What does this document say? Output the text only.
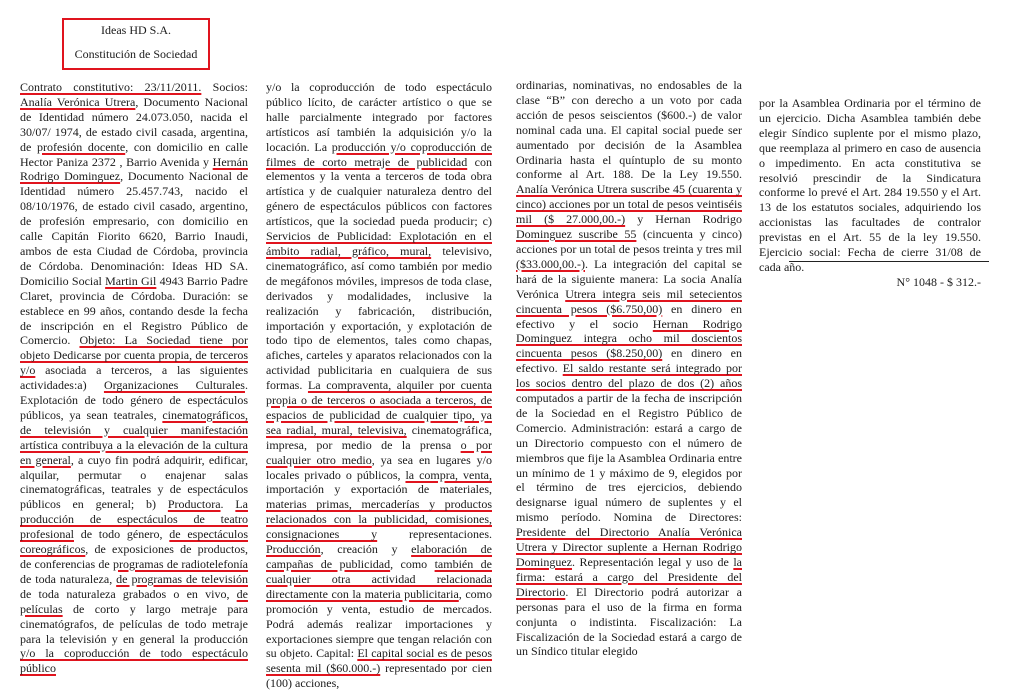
Ideas HD S.A.
Constitución de Sociedad

Contrato constitutivo: 23/11/2011. Socios: Analía Verónica Utrera, Documento Nacional de Identidad número 24.073.050, nacida el 30/07/ 1974, de estado civil casada, argentina, de profesión docente, con domicilio en calle Hector Paniza 2372 , Barrio Avenida y Hernán Rodrigo Dominguez, Documento Nacional de Identidad número 25.457.743, nacido el 08/10/1976, de estado civil casado, argentino, de profesión empresario, con domicilio en calle Capitán Fiorito 6620, Barrio Inaudi, ambos de esta Ciudad de Córdoba, provincia de Córdoba. Denominación: Ideas HD SA. Domicilio Social Martin Gil 4943 Barrio Padre Claret, provincia de Córdoba. Duración: se establece en 99 años, contando desde la fecha de inscripción en el Registro Público de Comercio. Objeto: La Sociedad tiene por objeto Dedicarse por cuenta propia, de terceros y/o asociada a terceros, a las siguientes actividades:a) Organizaciones Culturales. Explotación de todo género de espectáculos públicos, ya sean teatrales, cinematográficos, de televisión y cualquier manifestación artística contribuya a la elevación de la cultura en general, a cuyo fin podrá adquirir, edificar, alquilar, permutar o enajenar salas cinematográficas, teatrales y de espectáculos públicos en general; b) Productora. La producción de espectáculos de teatro profesional de todo género, de espectáculos coreográficos, de exposiciones de productos, de conferencias de programas de radiotelefonía de toda naturaleza, de programas de televisión de toda naturaleza grabados o en vivo, de películas de corto y largo metraje para cinematógrafos, de películas de todo metraje para la televisión y en general la producción y/o la coproducción de todo espectáculo público

y/o la coproducción de todo espectáculo público lícito, de carácter artístico o que se halle parcialmente integrado por factores artísticos así también la adquisición y/o la locación. La producción y/o coproducción de filmes de corto metraje de publicidad con elementos y la venta a terceros de toda obra artística y de cualquier naturaleza dentro del género de espectáculos públicos con factores artísticos, que la sociedad pueda producir; c) Servicios de Publicidad: Explotación en el ámbito radial, gráfico, mural, televisivo, cinematográfico, así como también por medio de megáfonos móviles, impresos de toda clase, derivados y modalidades, inclusive la realización y fabricación, distribución, importación y exportación, y explotación de todo tipo de elementos, tales como chapas, afiches, carteles y aparatos relacionados con la actividad publicitaria en cualquiera de sus formas. La compraventa, alquiler por cuenta propia o de terceros o asociada a terceros, de espacios de publicidad de cualquier tipo, ya sea radial, mural, televisiva, cinematográfica, impresa, por medio de la prensa o por cualquier otro medio, ya sea en lugares y/o locales privado o públicos, la compra, venta, importación y exportación de materiales, materias primas, mercaderías y productos relacionados con la publicidad, comisiones, consignaciones y representaciones. Producción, creación y elaboración de campañas de publicidad, como también de cualquier otra actividad relacionada directamente con la materia publicitaria, como promoción y venta, estudio de mercados. Podrá además realizar importaciones y exportaciones siempre que tengan relación con su objeto. Capital: El capital social es de pesos sesenta mil ($60.000.-) representado por cien (100) acciones,

ordinarias, nominativas, no endosables de la clase “B” con derecho a un voto por cada acción de pesos seiscientos ($600.-) de valor nominal cada una. El capital social puede ser aumentado por decisión de la Asamblea Ordinaria hasta el quíntuplo de su monto conforme al Art. 188. De la Ley 19.550. Analía Verónica Utrera suscribe 45 (cuarenta y cinco) acciones por un total de pesos veintiséis mil ($ 27.000,00.-) y Hernan Rodrigo Dominguez suscribe 55 (cincuenta y cinco) acciones por un total de pesos treinta y tres mil ($33.000,00.-). La integración del capital se hará de la siguiente manera: La socia Analía Verónica Utrera integra seis mil setecientos cincuenta pesos ($6.750,00) en dinero en efectivo y el socio Hernan Rodrigo Dominguez integra ocho mil doscientos cincuenta pesos ($8.250,00) en dinero en efectivo. El saldo restante será integrado por los socios dentro del plazo de dos (2) años computados a partir de la fecha de inscripción de la Sociedad en el Registro Público de Comercio. Administración: estará a cargo de un Directorio compuesto con el número de miembros que fije la Asamblea Ordinaria entre un mínimo de 1 y máximo de 9, elegidos por el término de tres ejercicios, debiendo designarse igual número de suplentes y el mismo período. Nomina de Directores: Presidente del Directorio Analía Verónica Utrera y Director suplente a Hernan Rodrigo Dominguez. Representación legal y uso de la firma: estará a cargo del Presidente del Directorio. El Directorio podrá autorizar a personas para el uso de la firma en forma conjunta o indistinta. Fiscalización: La Fiscalización de la Sociedad estará a cargo de un Síndico titular elegido

por la Asamblea Ordinaria por el término de un ejercicio. Dicha Asamblea también debe elegir Síndico suplente por el mismo plazo, que reemplaza al primero en caso de ausencia o impedimento. En acta constitutiva se resolvió prescindir de la Sindicatura conforme lo prevé el Art. 284 19.550 y el Art. 13 de los estatutos sociales, adquiriendo los accionistas las facultades de contralor previstas en el Art. 55 de la ley 19.550. Ejercicio social: Fecha de cierre 31/08 de cada año.

N° 1048 - $ 312.-
